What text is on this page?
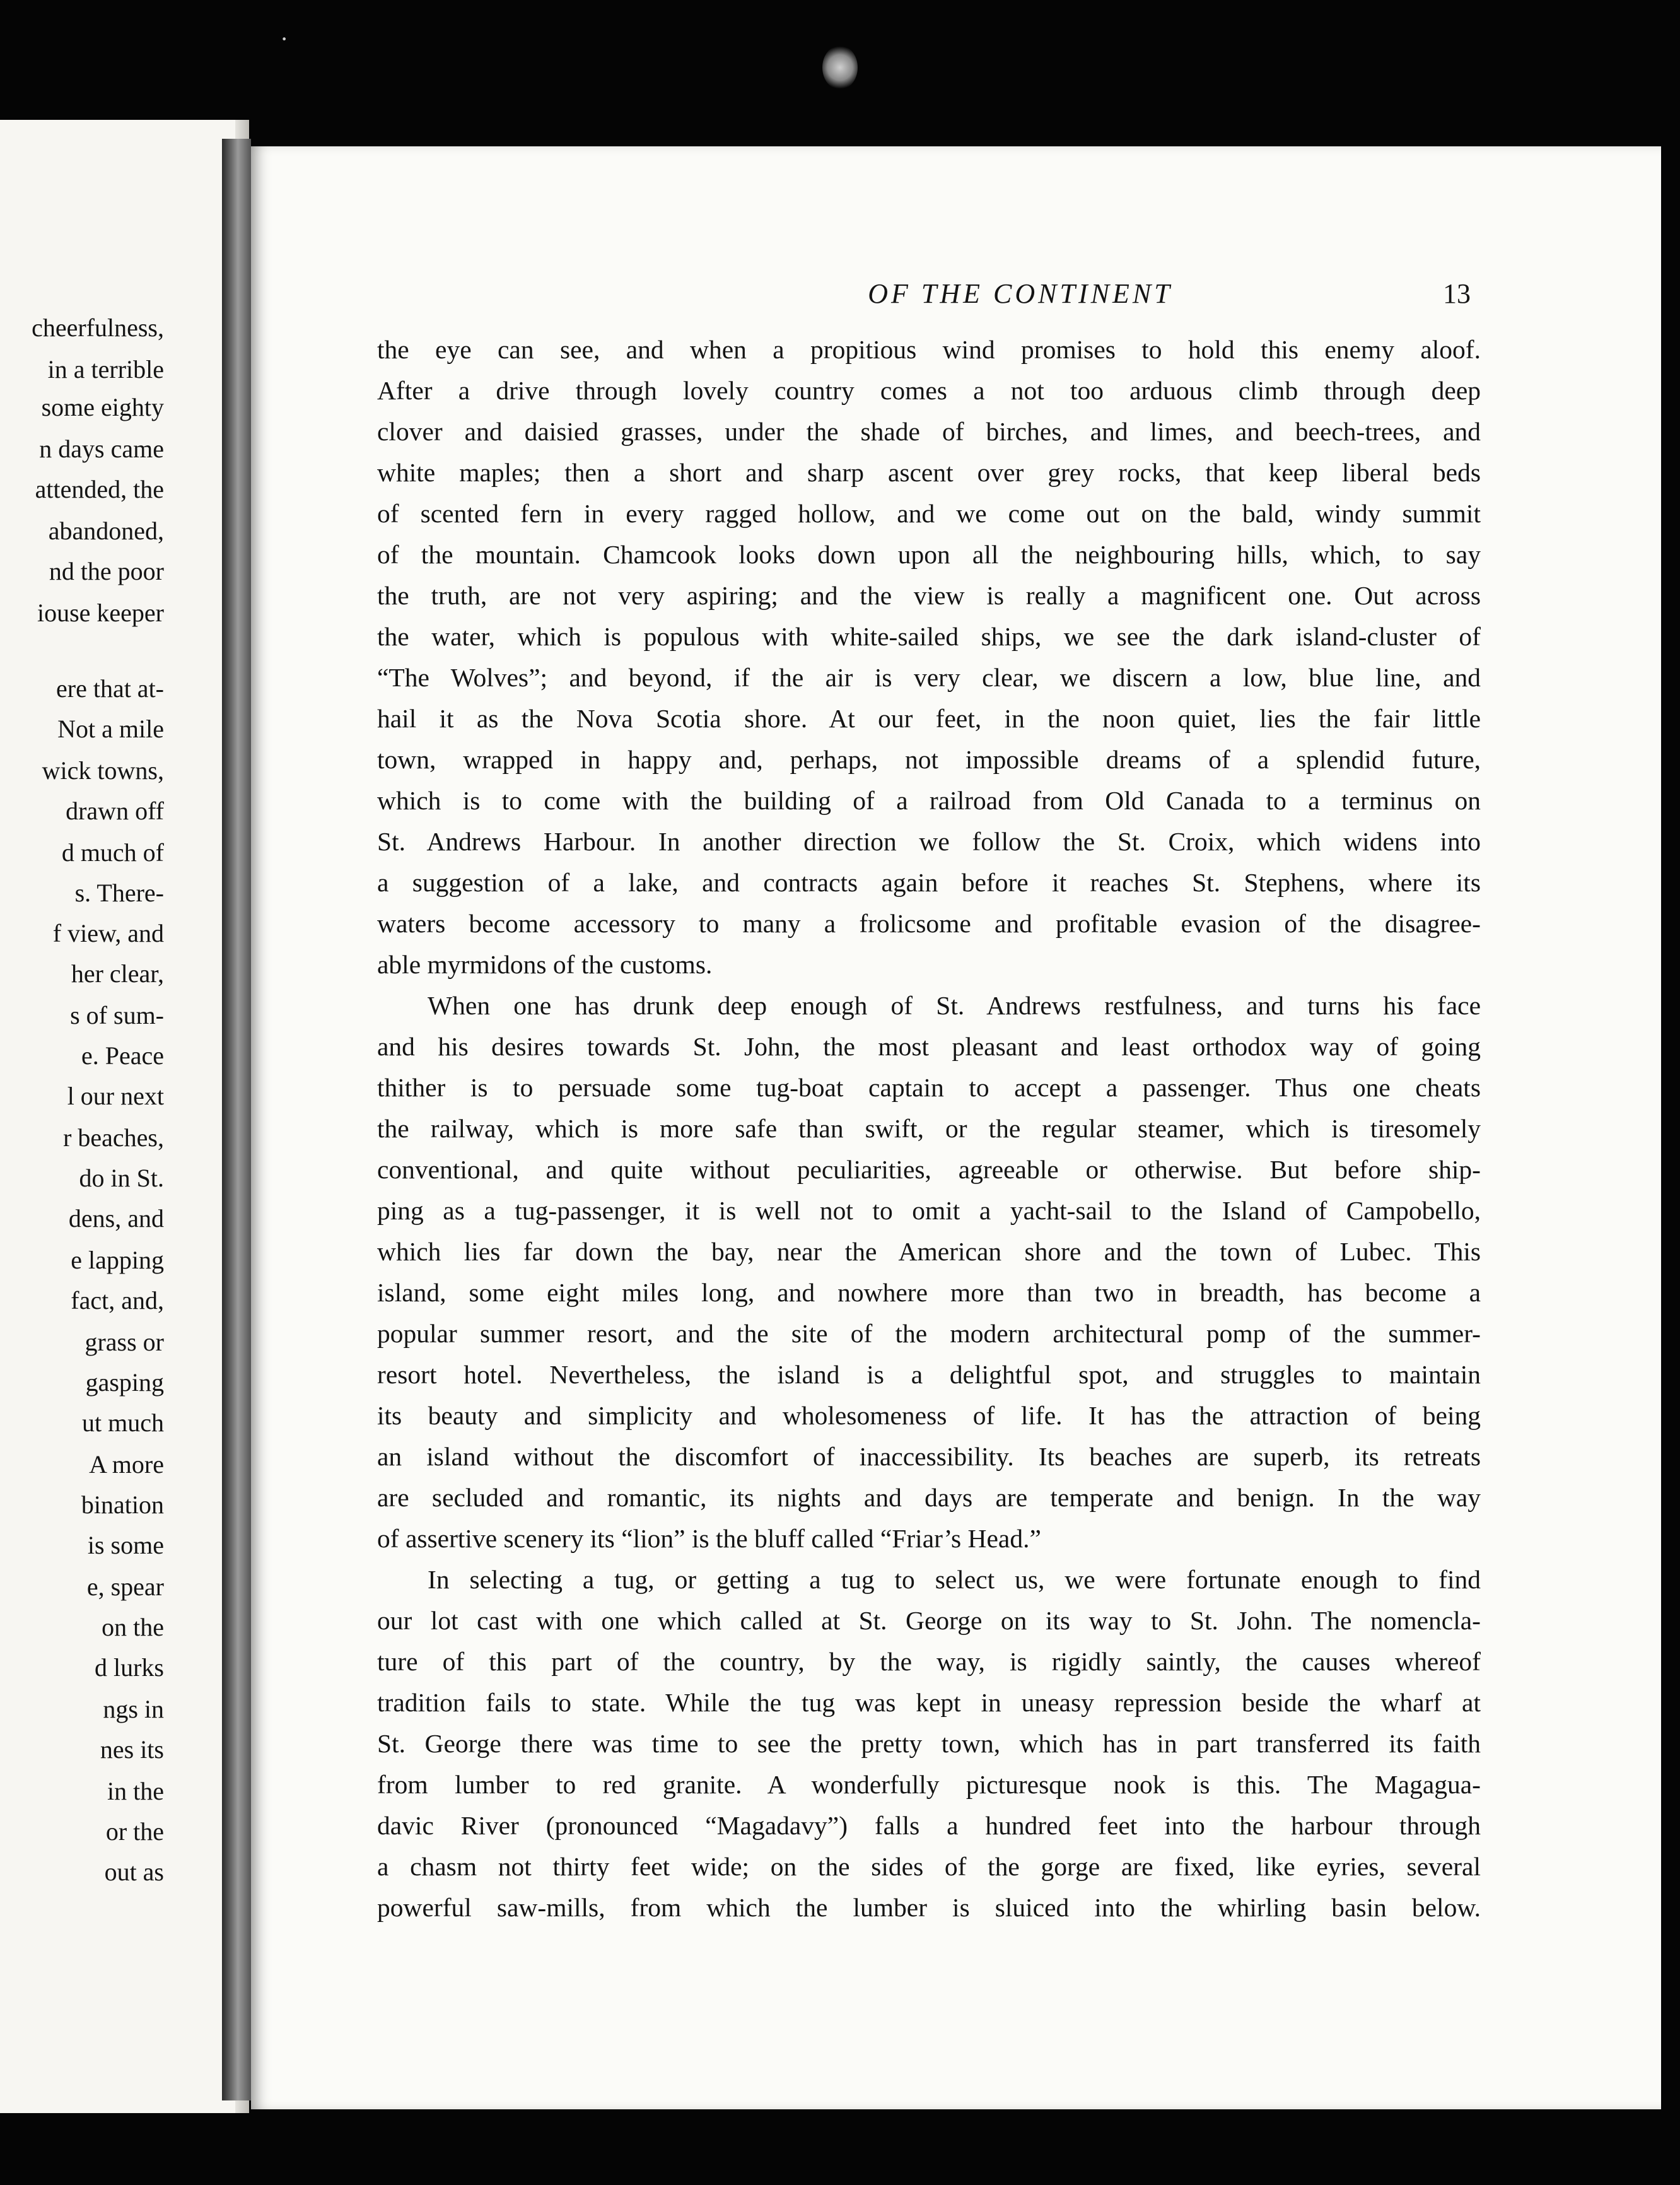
·
cheerfulness,
in a terrible
some eighty
n days came
attended, the
abandoned,
nd the poor
iouse keeper
ere that at-
Not a mile
wick towns,
drawn off
d much of
s. There-
f view, and
her clear,
s of sum-
e. Peace
l our next
r beaches,
do in St.
dens, and
e lapping
fact, and,
grass or
gasping
ut much
A more
bination
is some
e, spear
on the
d lurks
ngs in
nes its
in the
or the
out as
OF THE CONTINENT	13
the eye can see, and when a propitious wind promises to hold this enemy aloof.
After a drive through lovely country comes a not too arduous climb through deep
clover and daisied grasses, under the shade of birches, and limes, and beech-trees, and
white maples; then a short and sharp ascent over grey rocks, that keep liberal beds
of scented fern in every ragged hollow, and we come out on the bald, windy summit
of the mountain. Chamcook looks down upon all the neighbouring hills, which, to say
the truth, are not very aspiring; and the view is really a magnificent one. Out across
the water, which is populous with white-sailed ships, we see the dark island-cluster of
“The Wolves”; and beyond, if the air is very clear, we discern a low, blue line, and
hail it as the Nova Scotia shore. At our feet, in the noon quiet, lies the fair little
town, wrapped in happy and, perhaps, not impossible dreams of a splendid future,
which is to come with the building of a railroad from Old Canada to a terminus on
St. Andrews Harbour. In another direction we follow the St. Croix, which widens into
a suggestion of a lake, and contracts again before it reaches St. Stephens, where its
waters become accessory to many a frolicsome and profitable evasion of the disagree-
able myrmidons of the customs.
When one has drunk deep enough of St. Andrews restfulness, and turns his face
and his desires towards St. John, the most pleasant and least orthodox way of going
thither is to persuade some tug-boat captain to accept a passenger. Thus one cheats
the railway, which is more safe than swift, or the regular steamer, which is tiresomely
conventional, and quite without peculiarities, agreeable or otherwise. But before ship-
ping as a tug-passenger, it is well not to omit a yacht-sail to the Island of Campobello,
which lies far down the bay, near the American shore and the town of Lubec. This
island, some eight miles long, and nowhere more than two in breadth, has become a
popular summer resort, and the site of the modern architectural pomp of the summer-
resort hotel. Nevertheless, the island is a delightful spot, and struggles to maintain
its beauty and simplicity and wholesomeness of life. It has the attraction of being
an island without the discomfort of inaccessibility. Its beaches are superb, its retreats
are secluded and romantic, its nights and days are temperate and benign. In the way
of assertive scenery its “lion” is the bluff called “Friar’s Head.”
In selecting a tug, or getting a tug to select us, we were fortunate enough to find
our lot cast with one which called at St. George on its way to St. John. The nomencla-
ture of this part of the country, by the way, is rigidly saintly, the causes whereof
tradition fails to state. While the tug was kept in uneasy repression beside the wharf at
St. George there was time to see the pretty town, which has in part transferred its faith
from lumber to red granite. A wonderfully picturesque nook is this. The Magagua-
davic River (pronounced “Magadavy”) falls a hundred feet into the harbour through
a chasm not thirty feet wide; on the sides of the gorge are fixed, like eyries, several
powerful saw-mills, from which the lumber is sluiced into the whirling basin below.
